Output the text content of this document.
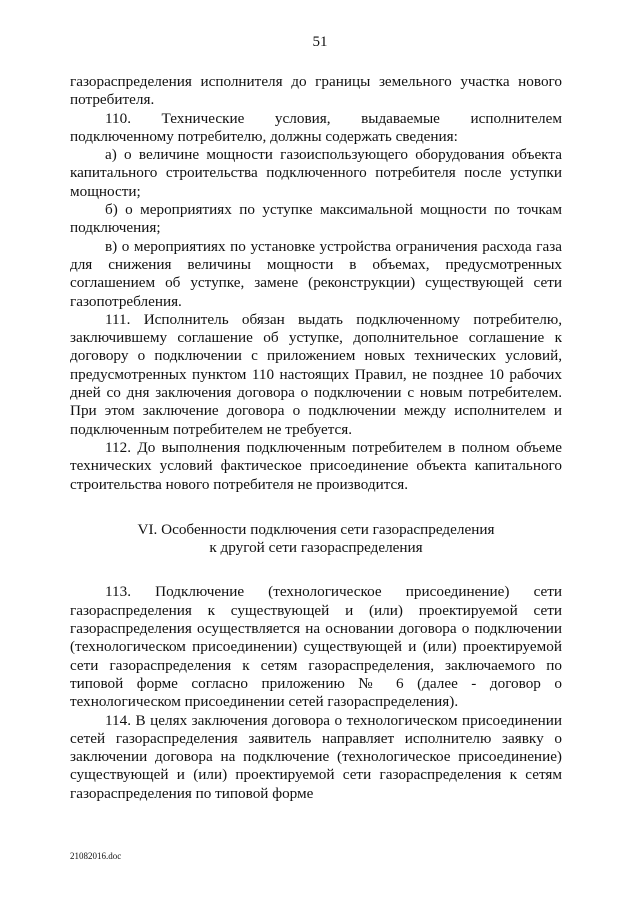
51

газораспределения исполнителя до границы земельного участка нового потребителя.

110. Технические условия, выдаваемые исполнителем подключенному потребителю, должны содержать сведения:

а) о величине мощности газоиспользующего оборудования объекта капитального строительства подключенного потребителя после уступки мощности;

б) о мероприятиях по уступке максимальной мощности по точкам подключения;

в) о мероприятиях по установке устройства ограничения расхода газа для снижения величины мощности в объемах, предусмотренных соглашением об уступке, замене (реконструкции) существующей сети газопотребления.

111. Исполнитель обязан выдать подключенному потребителю, заключившему соглашение об уступке, дополнительное соглашение к договору о подключении с приложением новых технических условий, предусмотренных пунктом 110 настоящих Правил, не позднее 10 рабочих дней со дня заключения договора о подключении с новым потребителем. При этом заключение договора о подключении между исполнителем и подключенным потребителем не требуется.

112. До выполнения подключенным потребителем в полном объеме технических условий фактическое присоединение объекта капитального строительства нового потребителя не производится.

VI. Особенности подключения сети газораспределения
к другой сети газораспределения

113. Подключение (технологическое присоединение) сети газораспределения к существующей и (или) проектируемой сети газораспределения осуществляется на основании договора о подключении (технологическом присоединении) существующей и (или) проектируемой сети газораспределения к сетям газораспределения, заключаемого по типовой форме согласно приложению № 6 (далее - договор о технологическом присоединении сетей газораспределения).

114. В целях заключения договора о технологическом присоединении сетей газораспределения заявитель направляет исполнителю заявку о заключении договора на подключение (технологическое присоединение) существующей и (или) проектируемой сети газораспределения к сетям газораспределения по типовой форме

21082016.doc
